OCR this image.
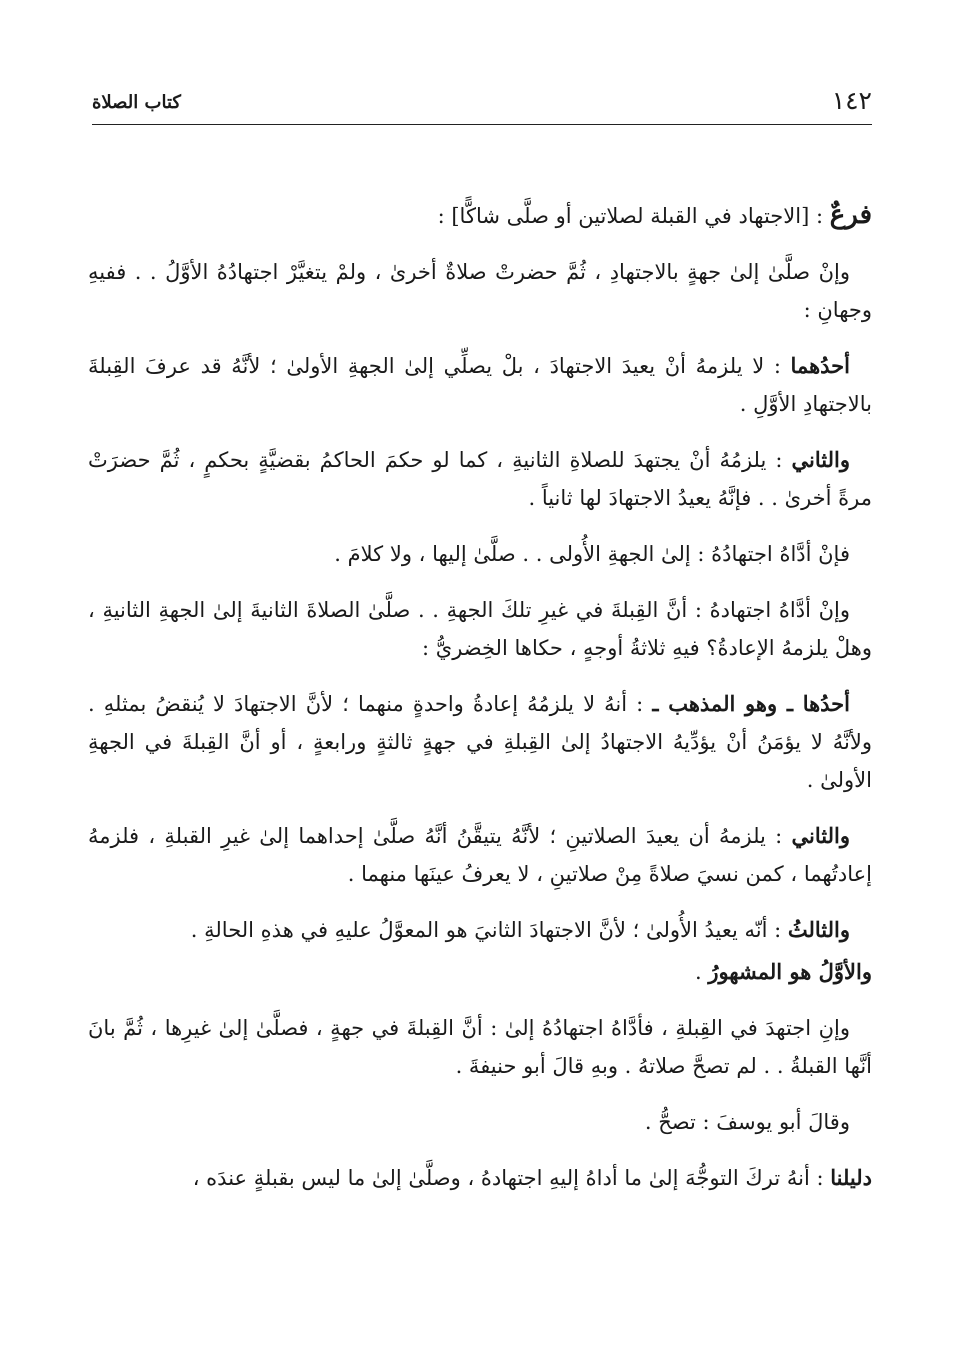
١٤٢
كتاب الصلاة

فرعٌ : [الاجتهاد في القبلة لصلاتين أو صلَّى شاكًّا] :

وإنْ صلَّىٰ إلىٰ جهةٍ بالاجتهادِ ، ثُمَّ حضرتْ صلاةٌ أخرىٰ ، ولمْ يتغيَّرْ اجتهادُهُ الأوَّلُ . . ففيهِ وجهانِ :

أحدُهما : لا يلزمهُ أنْ يعيدَ الاجتهادَ ، بلْ يصلِّي إلىٰ الجهةِ الأولىٰ ؛ لأنَّهُ قد عرفَ القِبلةَ بالاجتهادِ الأوَّلِ .

والثاني : يلزمُهُ أنْ يجتهدَ للصلاةِ الثانيةِ ، كما لو حكمَ الحاكمُ بقضيَّةٍ بحكمٍ ، ثُمَّ حضرَتْ مرةً أخرىٰ . . فإنَّهُ يعيدُ الاجتهادَ لها ثانياً .

فإنْ أدَّاهُ اجتهادُهُ : إلىٰ الجهةِ الأُولى . . صلَّىٰ إليها ، ولا كلامَ .

وإنْ أدَّاهُ اجتهادهُ : أنَّ القِبلةَ في غيرِ تلكَ الجهةِ . . صلَّىٰ الصلاةَ الثانيةَ إلىٰ الجهةِ الثانيةِ ، وهلْ يلزمهُ الإعادةُ؟ فيهِ ثلاثةُ أوجهٍ ، حكاها الخِضريُّ :

أحدُها ـ وهو المذهب ـ : أنهُ لا يلزمُهُ إعادةُ واحدةٍ منهما ؛ لأنَّ الاجتهادَ لا يُنقضُ بمثلهِ . ولأنَّهُ لا يؤمَنُ أنْ يؤدِّيهُ الاجتهادُ إلىٰ القِبلةِ في جهةٍ ثالثةٍ ورابعةٍ ، أو أنَّ القِبلةَ في الجهةِ الأولىٰ .

والثاني : يلزمهُ أن يعيدَ الصلاتينِ ؛ لأنَّهُ يتيقَّنُ أنَّهُ صلَّىٰ إحداهما إلىٰ غيرِ القبلةِ ، فلزمهُ إعادتُهما ، كمن نسيَ صلاةً مِنْ صلاتينِ ، لا يعرفُ عينَها منهما .

والثالثُ : أنّه يعيدُ الأُولىٰ ؛ لأنَّ الاجتهادَ الثانيَ هو المعوَّلُ عليهِ في هذهِ الحالةِ .

والأوَّلُ هو المشهورُ .

وإنِ اجتهدَ في القِبلةِ ، فأدَّاهُ اجتهادُهُ إلىٰ : أنَّ القِبلةَ في جهةٍ ، فصلَّىٰ إلىٰ غيرِها ، ثُمَّ بانَ أنَّها القبلةُ . . لم تصحَّ صلاتهُ . وبهِ قالَ أبو حنيفةَ .

وقالَ أبو يوسفَ : تصحُّ .

دليلنا : أنهُ تركَ التوجُّهَ إلىٰ ما أداهُ إليهِ اجتهادهُ ، وصلَّىٰ إلىٰ ما ليس بقبلةٍ عندَه ،
